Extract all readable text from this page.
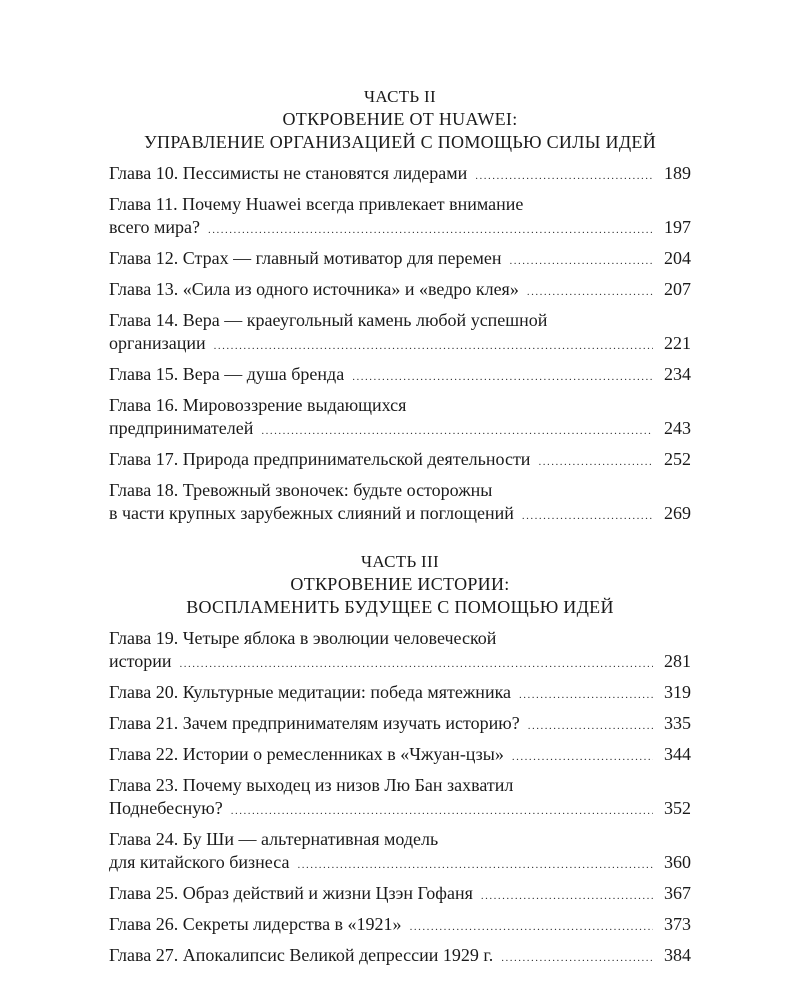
ЧАСТЬ II
ОТКРОВЕНИЕ ОТ HUAWEI:
УПРАВЛЕНИЕ ОРГАНИЗАЦИЕЙ С ПОМОЩЬЮ СИЛЫ ИДЕЙ
Глава 10. Пессимисты не становятся лидерами .....	189
Глава 11. Почему Huawei всегда привлекает внимание
всего мира? .....	197
Глава 12. Страх — главный мотиватор для перемен .....	204
Глава 13. «Сила из одного источника» и «ведро клея» .....	207
Глава 14. Вера — краеугольный камень любой успешной
организации .....	221
Глава 15. Вера — душа бренда .....	234
Глава 16. Мировоззрение выдающихся
предпринимателей .....	243
Глава 17. Природа предпринимательской деятельности .....	252
Глава 18. Тревожный звоночек: будьте осторожны
в части крупных зарубежных слияний и поглощений .....	269
ЧАСТЬ III
ОТКРОВЕНИЕ ИСТОРИИ:
ВОСПЛАМЕНИТЬ БУДУЩЕЕ С ПОМОЩЬЮ ИДЕЙ
Глава 19. Четыре яблока в эволюции человеческой
истории .....	281
Глава 20. Культурные медитации: победа мятежника .....	319
Глава 21. Зачем предпринимателям изучать историю? .....	335
Глава 22. Истории о ремесленниках в «Чжуан-цзы» .....	344
Глава 23. Почему выходец из низов Лю Бан захватил
Поднебесную? .....	352
Глава 24. Бу Ши — альтернативная модель
для китайского бизнеса .....	360
Глава 25. Образ действий и жизни Цзэн Гофаня .....	367
Глава 26. Секреты лидерства в «1921» .....	373
Глава 27. Апокалипсис Великой депрессии 1929 г. .....	384
